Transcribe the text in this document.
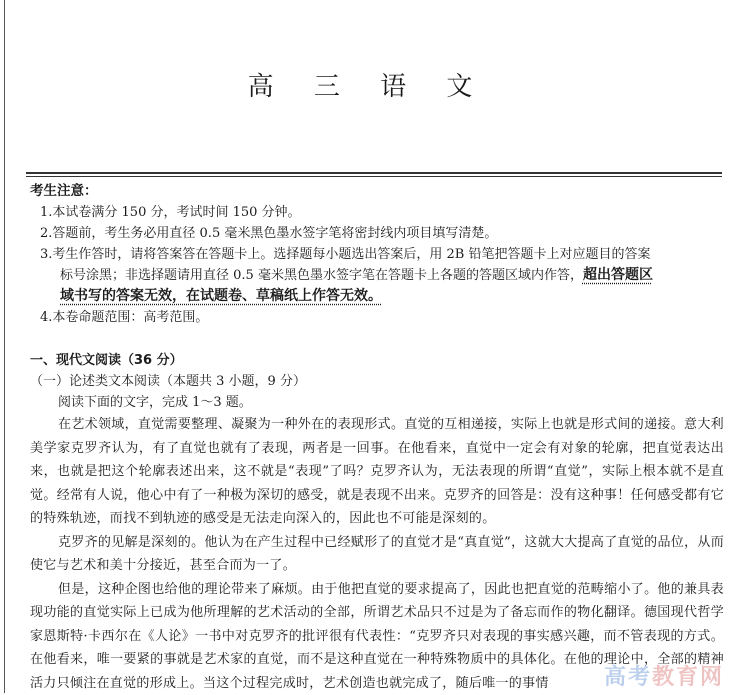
高 三 语 文
考生注意：
1.本试卷满分 150 分，考试时间 150 分钟。
2.答题前，考生务必用直径 0.5 毫米黑色墨水签字笔将密封线内项目填写清楚。
3.考生作答时，请将答案答在答题卡上。选择题每小题选出答案后，用 2B 铅笔把答题卡上对应题目的答案
标号涂黑；非选择题请用直径 0.5 毫米黑色墨水签字笔在答题卡上各题的答题区域内作答，超出答题区
域书写的答案无效，在试题卷、草稿纸上作答无效。
4.本卷命题范围：高考范围。
一、现代文阅读（36 分）
（一）论述类文本阅读（本题共 3 小题，9 分）
阅读下面的文字，完成 1～3 题。

在艺术领域，直觉需要整理、凝聚为一种外在的表现形式。直觉的互相递接，实际上也就是形式间的递接。意大利美学家克罗齐认为，有了直觉也就有了表现，两者是一回事。在他看来，直觉中一定会有对象的轮廓，把直觉表达出来，也就是把这个轮廓表述出来，这不就是“表现”了吗？克罗齐认为，无法表现的所谓“直觉”，实际上根本就不是直觉。经常有人说，他心中有了一种极为深切的感受，就是表现不出来。克罗齐的回答是：没有这种事！任何感受都有它的特殊轨迹，而找不到轨迹的感受是无法走向深入的，因此也不可能是深刻的。

克罗齐的见解是深刻的。他认为在产生过程中已经赋形了的直觉才是“真直觉”，这就大大提高了直觉的品位，从而使它与艺术和美十分接近，甚至合而为一了。

但是，这种企图也给他的理论带来了麻烦。由于他把直觉的要求提高了，因此也把直觉的范畴缩小了。他的兼具表现功能的直觉实际上已成为他所理解的艺术活动的全部，所谓艺术品只不过是为了备忘而作的物化翻译。德国现代哲学家恩斯特·卡西尔在《人论》一书中对克罗齐的批评很有代表性：“克罗齐只对表现的事实感兴趣，而不管表现的方式。在他看来，唯一要紧的事就是艺术家的直觉，而不是这种直觉在一种特殊物质中的具体化。在他的理论中，全部的精神活力只倾注在直觉的形成上。当这个过程完成时，艺术创造也就完成了，随后唯一的事情	高考教育网
